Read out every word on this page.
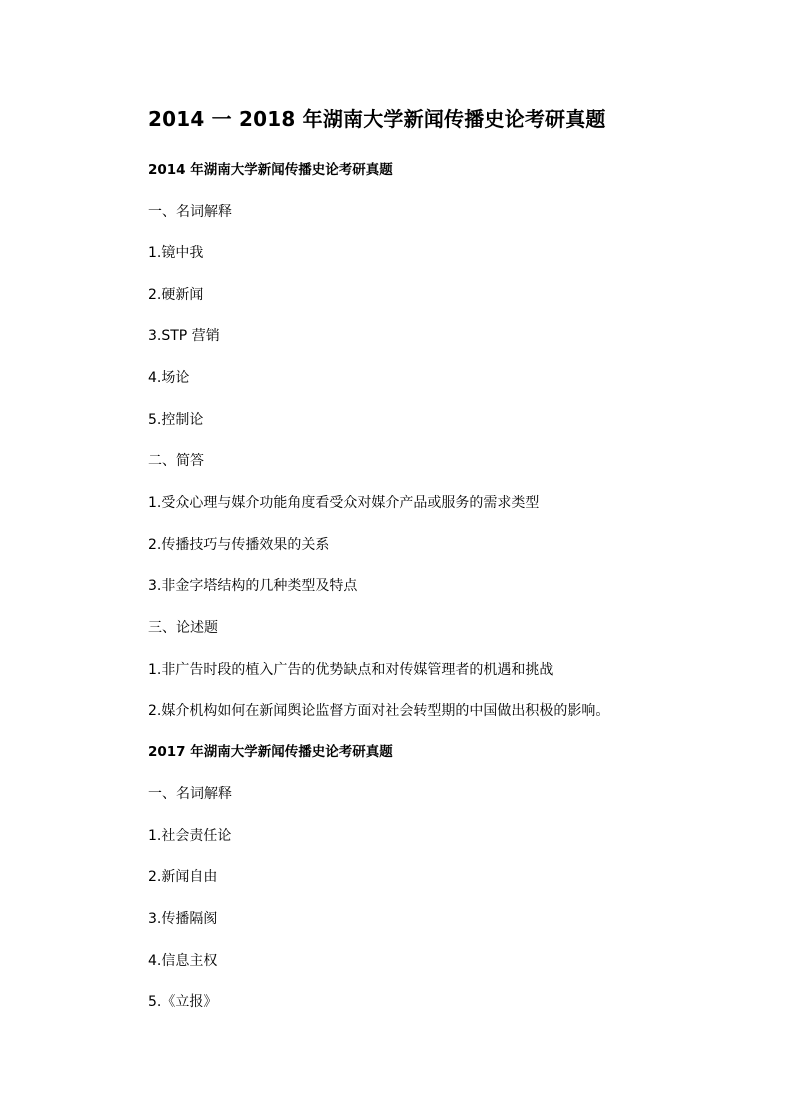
2014 一 2018 年湖南大学新闻传播史论考研真题
2014 年湖南大学新闻传播史论考研真题
一、名词解释
1.镜中我
2.硬新闻
3.STP 营销
4.场论
5.控制论
二、简答
1.受众心理与媒介功能角度看受众对媒介产品或服务的需求类型
2.传播技巧与传播效果的关系
3.非金字塔结构的几种类型及特点
三、论述题
1.非广告时段的植入广告的优势缺点和对传媒管理者的机遇和挑战
2.媒介机构如何在新闻舆论监督方面对社会转型期的中国做出积极的影响。
2017 年湖南大学新闻传播史论考研真题
一、名词解释
1.社会责任论
2.新闻自由
3.传播隔阂
4.信息主权
5.《立报》
